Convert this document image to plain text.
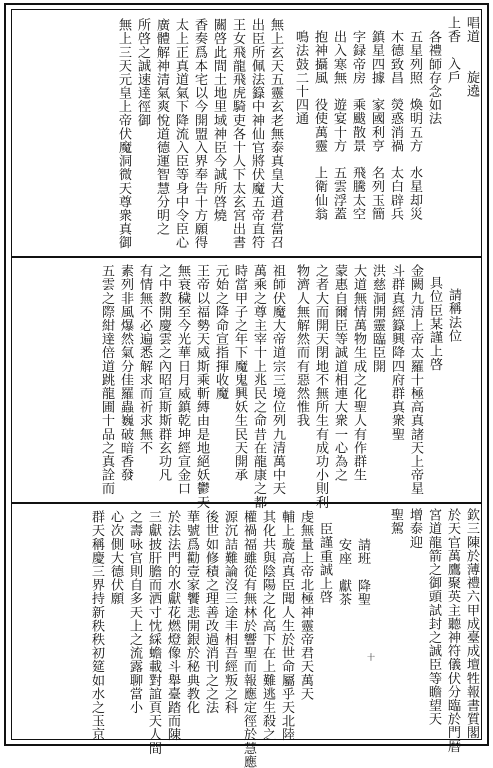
唱道　　旋遶
上香　入戶
各禮師存念如法
五星列照　煥明五方　水星却災
木德致昌　熒惑消禍　太白辟兵
鎮星四據　家國利亨　名列玉簡
字録帝房　乘颰散景　飛騰太空
出入寒無　遊宴十方　五雲浮蓋
抱神攝風　役使萬靈　上衛仙翁
鳴法鼓二十四通
無上玄天五靈玄老無泰真皇大道君當召
出臣所佩法籙中神仙官將伏魔五帝直符
王女飛龍飛虎騎吏各十人下太玄宮出書
關啓此間土地里域神臣今誠所啓燒
香奏爲本宅以今開盟入界奉告十方願得
太上正真道氣下降流入臣等身中令臣心
廣體解神清氣爽悅道德運智慧分明之
所啓之誠速達徑御
無上三天元皇上帝伏魔洞微天尊衆真御
請稱法位
具位臣某謹上啓
金闕九清上帝太羅十極高真諸天上帝星
斗群真經籙興降四府群真衆聖
洪慈洞開靈臨臣開
大道無情萬物生成之化聖人有作群生
蒙惠自爾臣等誠道相連大衆一心為之
之者大而開天閉地不無所生有成功小則利
物濟人無解然而有惡然惟我
祖師伏魔大帝道宗三境位列九清萬中天
萬乘之尊主宰十上兆民之命昔在龍康之都
時當甲子之年下魔鬼興妖生民天開承
元始之降命宣指揮收魔
王帝以福勢天威斯乘斬縛由是地絕妖鬱天
無衰穢至今光華日月威鎮乾坤經宣金口
之中教開慶雲之內昭宣斯斯群玄功凡
有情無不必遍悉解求而祈求無不
素列非風爆然氣分佳羅蟲巍破暗香發
五雲之際紺達倍道跳龍圃十品之真詮而
欽三陳於薄禮六甲成臺成壇牲報書質閣
於天官萬鷹聚英主聽神符儀伏分臨於門暦
宮道龍箭之御頭試封之誠臣等瞻望天
增泰迎
聖駕
請班　降聖
安座　獻茶
臣謹重誠上啓
虔無量上帝北極神靈帝君天萬天
輔上璇高真臣聞人生於世命屬乎天北陸
其化共與陰陽之化高下在上難逃生殺之
權禍福雖從有無林於響聖而報應定徑於慧應
源沉詰難論沒三途丰相吾經叛之科
後世如修積之理善改過消刊之之法
華號爲勸壹家饗悲開銀於秘典教化
於法法門的水獻花燃燈像斗舉臺踏而陳
三獻披肝膽而洒寸忱綵蟾載對誼頁天人間
之壽咏官則自多天上之流露聊當小
心次側大德伏願
群天稱慶三界持新秩秩初筵如水之玉京	十
